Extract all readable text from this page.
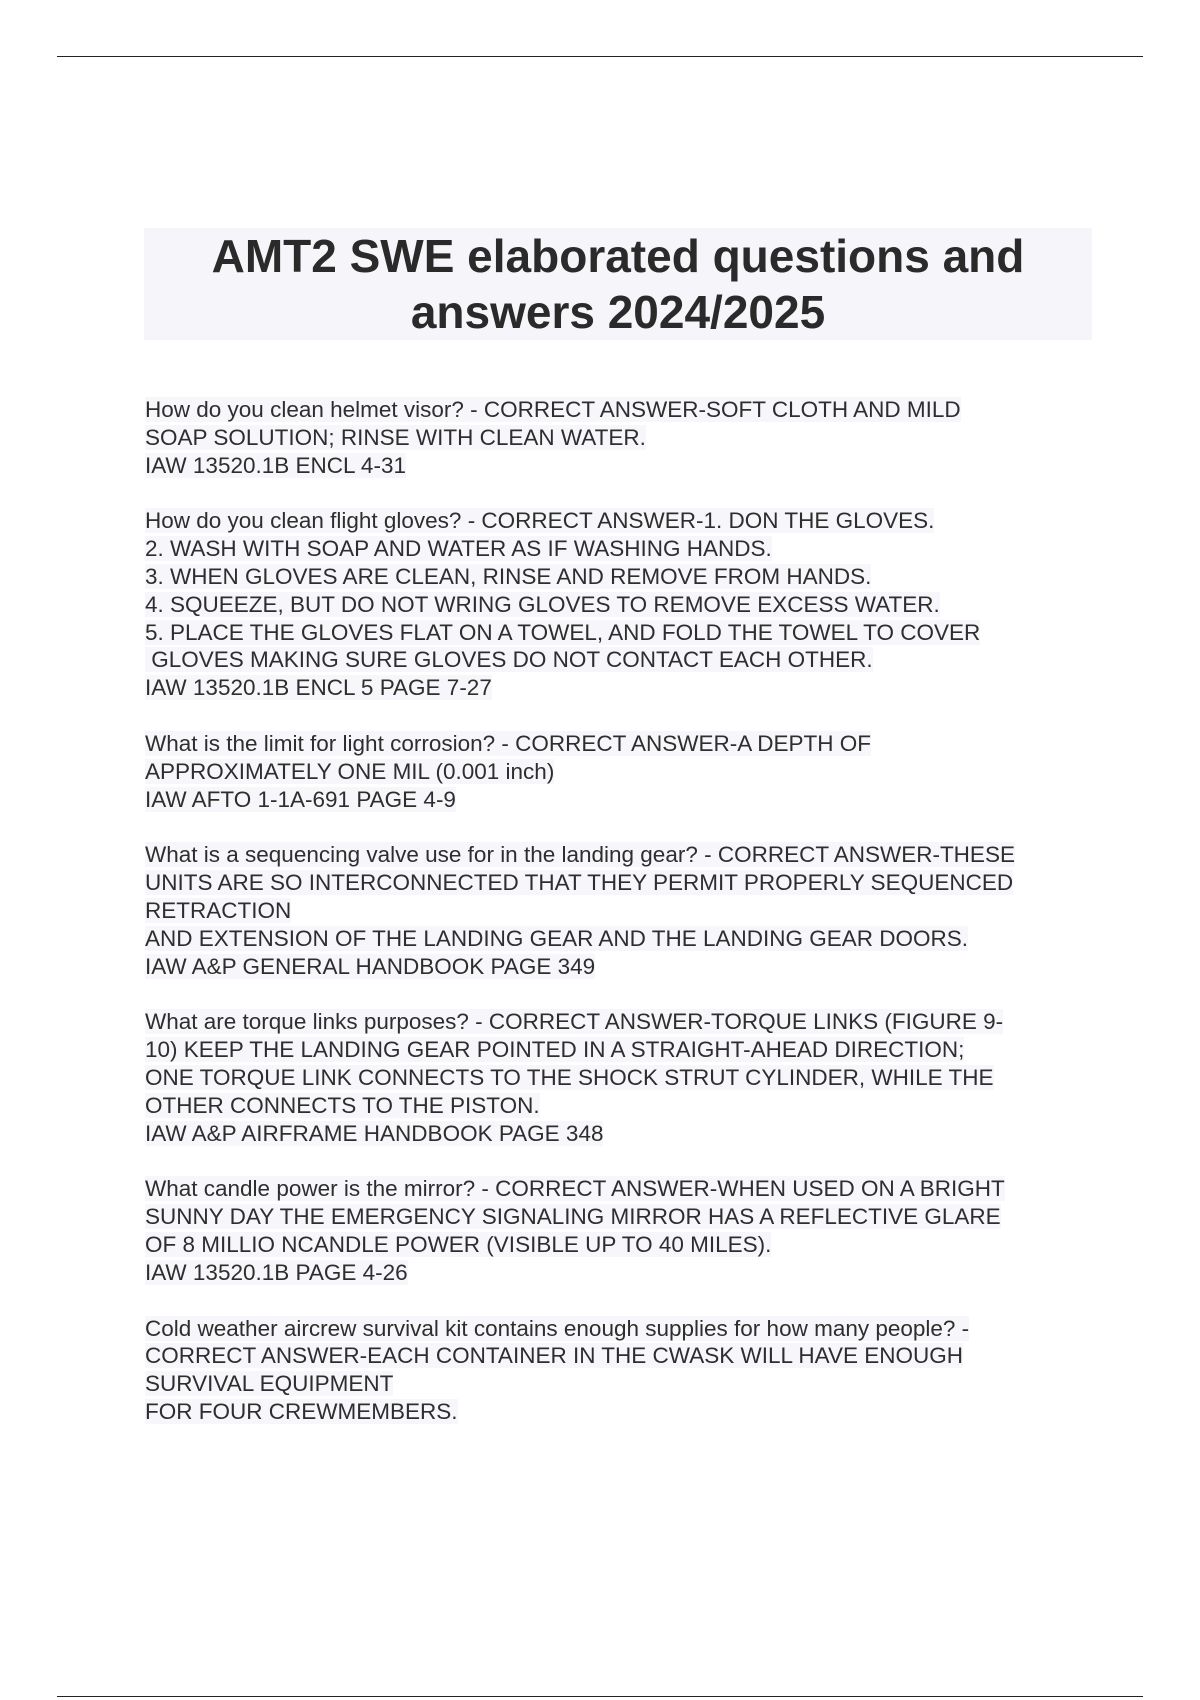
AMT2 SWE elaborated questions and
answers 2024/2025
How do you clean helmet visor? - CORRECT ANSWER-SOFT CLOTH AND MILD
SOAP SOLUTION; RINSE WITH CLEAN WATER.
IAW 13520.1B ENCL 4-31
How do you clean flight gloves? - CORRECT ANSWER-1. DON THE GLOVES.
2. WASH WITH SOAP AND WATER AS IF WASHING HANDS.
3. WHEN GLOVES ARE CLEAN, RINSE AND REMOVE FROM HANDS.
4. SQUEEZE, BUT DO NOT WRING GLOVES TO REMOVE EXCESS WATER.
5. PLACE THE GLOVES FLAT ON A TOWEL, AND FOLD THE TOWEL TO COVER
GLOVES MAKING SURE GLOVES DO NOT CONTACT EACH OTHER.
IAW 13520.1B ENCL 5 PAGE 7-27
What is the limit for light corrosion? - CORRECT ANSWER-A DEPTH OF
APPROXIMATELY ONE MIL (0.001 inch)
IAW AFTO 1-1A-691 PAGE 4-9
What is a sequencing valve use for in the landing gear? - CORRECT ANSWER-THESE
UNITS ARE SO INTERCONNECTED THAT THEY PERMIT PROPERLY SEQUENCED
RETRACTION
AND EXTENSION OF THE LANDING GEAR AND THE LANDING GEAR DOORS.
IAW A&P GENERAL HANDBOOK PAGE 349
What are torque links purposes? - CORRECT ANSWER-TORQUE LINKS (FIGURE 9-
10) KEEP THE LANDING GEAR POINTED IN A STRAIGHT-AHEAD DIRECTION;
ONE TORQUE LINK CONNECTS TO THE SHOCK STRUT CYLINDER, WHILE THE
OTHER CONNECTS TO THE PISTON.
IAW A&P AIRFRAME HANDBOOK PAGE 348
What candle power is the mirror? - CORRECT ANSWER-WHEN USED ON A BRIGHT
SUNNY DAY THE EMERGENCY SIGNALING MIRROR HAS A REFLECTIVE GLARE
OF 8 MILLIO NCANDLE POWER (VISIBLE UP TO 40 MILES).
IAW 13520.1B PAGE 4-26
Cold weather aircrew survival kit contains enough supplies for how many people? -
CORRECT ANSWER-EACH CONTAINER IN THE CWASK WILL HAVE ENOUGH
SURVIVAL EQUIPMENT
FOR FOUR CREWMEMBERS.
